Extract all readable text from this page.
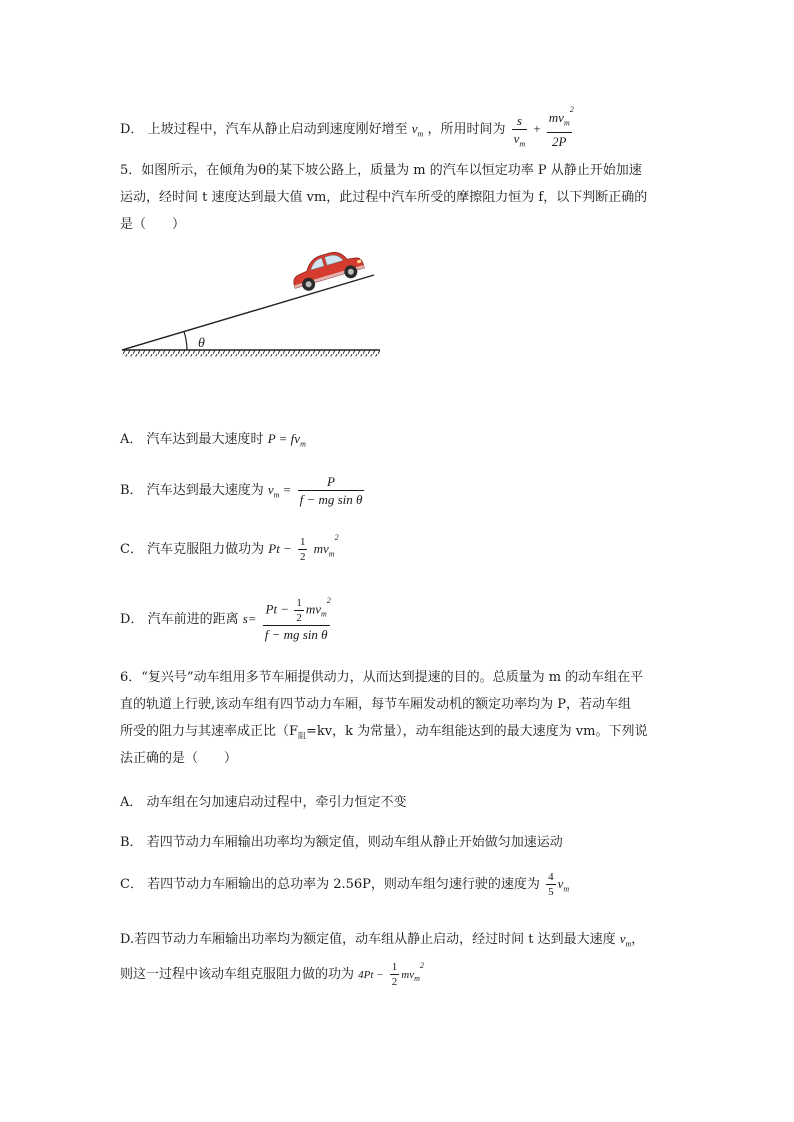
D． 上坡过程中，汽车从静止启动到速度刚好增至 $v_m$ ，所用时间为 $\frac{s}{v_m}$ + mv
2
$_m$
2P
5．如图所示，在倾角为θ的某下坡公路上，质量为 m 的汽车以恒定功率 P 从静止开始加速
运动，经时间 t 速度达到最大值 vm，此过程中汽车所受的摩擦阻力恒为 f，以下判断正确的
是（　　）
θ
A． 汽车达到最大速度时 $P = fv_m$
B． 汽车达到最大速度为 $v_m = \frac{P}{\text{f − mg sin θ}}$
C． 汽车克服阻力做功为 $Pt - \frac{1}{2}$ mv
2
$_m$
D． 汽车前进的距离 $s= Pt - \frac{1}{2}$ mv
2
$_m$
f − mg sin θ
6．“复兴号”动车组用多节车厢提供动力，从而达到提速的目的。总质量为 m 的动车组在平
直的轨道上行驶,该动车组有四节动力车厢，每节车厢发动机的额定功率均为 P，若动车组
所受的阻力与其速率成正比（$F_阻=kv$，k 为常量），动车组能达到的最大速度为 vm。下列说
法正确的是（　　）
A． 动车组在匀加速启动过程中，牵引力恒定不变
B． 若四节动力车厢输出功率均为额定值，则动车组从静止开始做匀加速运动
C． 若四节动力车厢输出的总功率为 2.56P，则动车组匀速行驶的速度为 $\frac{4}{5} v_m$
D.若四节动力车厢输出功率均为额定值，动车组从静止启动，经过时间 t 达到最大速度 $v_m$，
则这一过程中该动车组克服阻力做的功为 $4Pt - \frac{1}{2}$ mv
2
$_m$
